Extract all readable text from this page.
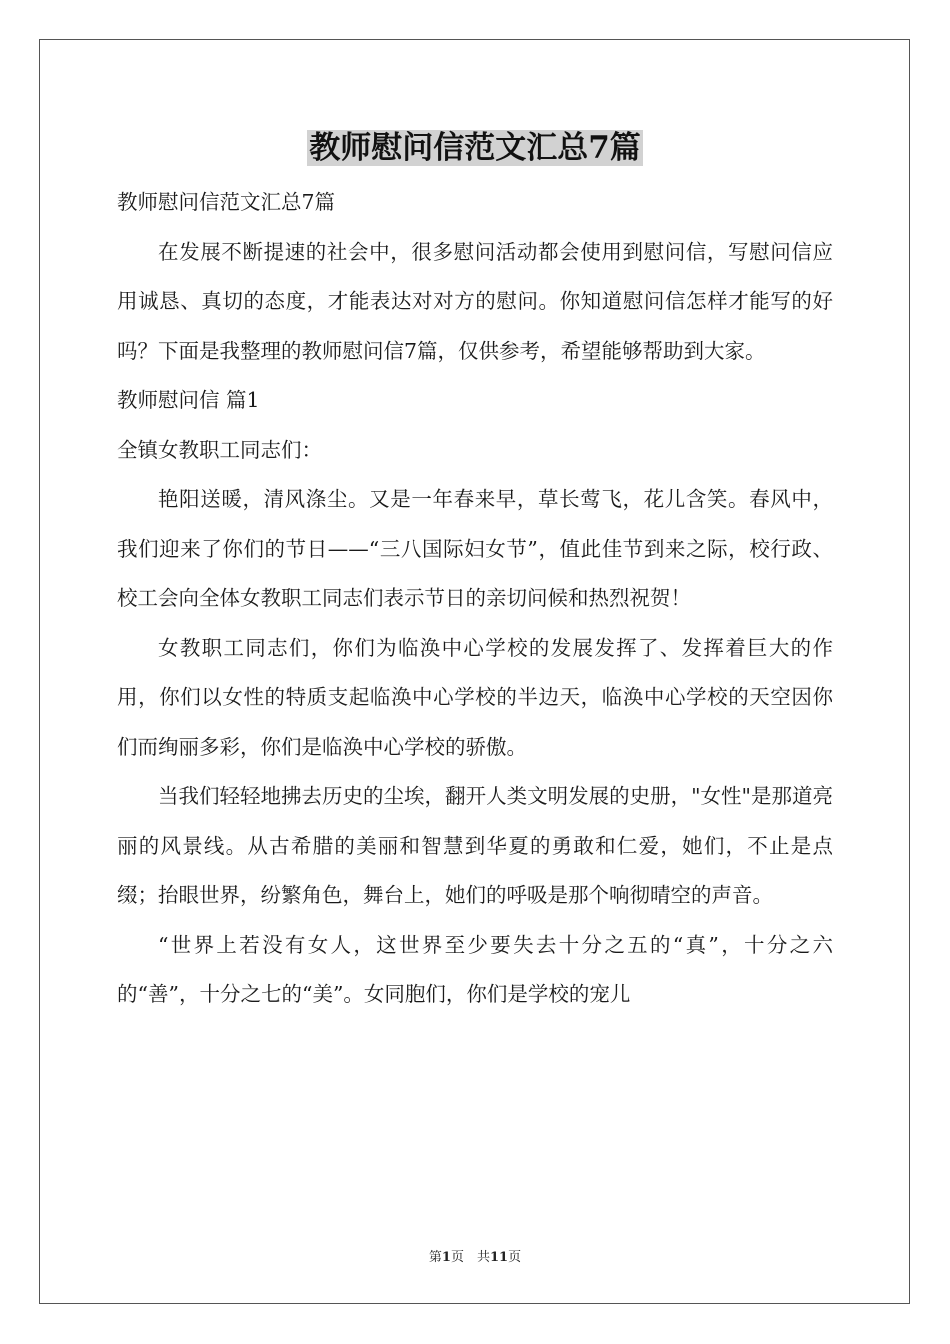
教师慰问信范文汇总7篇

教师慰问信范文汇总7篇

在发展不断提速的社会中，很多慰问活动都会使用到慰问信，写慰问信应用诚恳、真切的态度，才能表达对对方的慰问。你知道慰问信怎样才能写的好吗？下面是我整理的教师慰问信7篇，仅供参考，希望能够帮助到大家。

教师慰问信 篇1

全镇女教职工同志们：

艳阳送暖，清风涤尘。又是一年春来早，草长莺飞，花儿含笑。春风中，我们迎来了你们的节日——“三八国际妇女节”，值此佳节到来之际，校行政、校工会向全体女教职工同志们表示节日的亲切问候和热烈祝贺！

女教职工同志们，你们为临涣中心学校的发展发挥了、发挥着巨大的作用，你们以女性的特质支起临涣中心学校的半边天，临涣中心学校的天空因你们而绚丽多彩，你们是临涣中心学校的骄傲。

当我们轻轻地拂去历史的尘埃，翻开人类文明发展的史册，"女性"是那道亮丽的风景线。从古希腊的美丽和智慧到华夏的勇敢和仁爱，她们，不止是点缀；抬眼世界，纷繁角色，舞台上，她们的呼吸是那个响彻晴空的声音。

“世界上若没有女人，这世界至少要失去十分之五的“真”，十分之六的“善”，十分之七的“美”。女同胞们，你们是学校的宠儿

第1页　共11页
